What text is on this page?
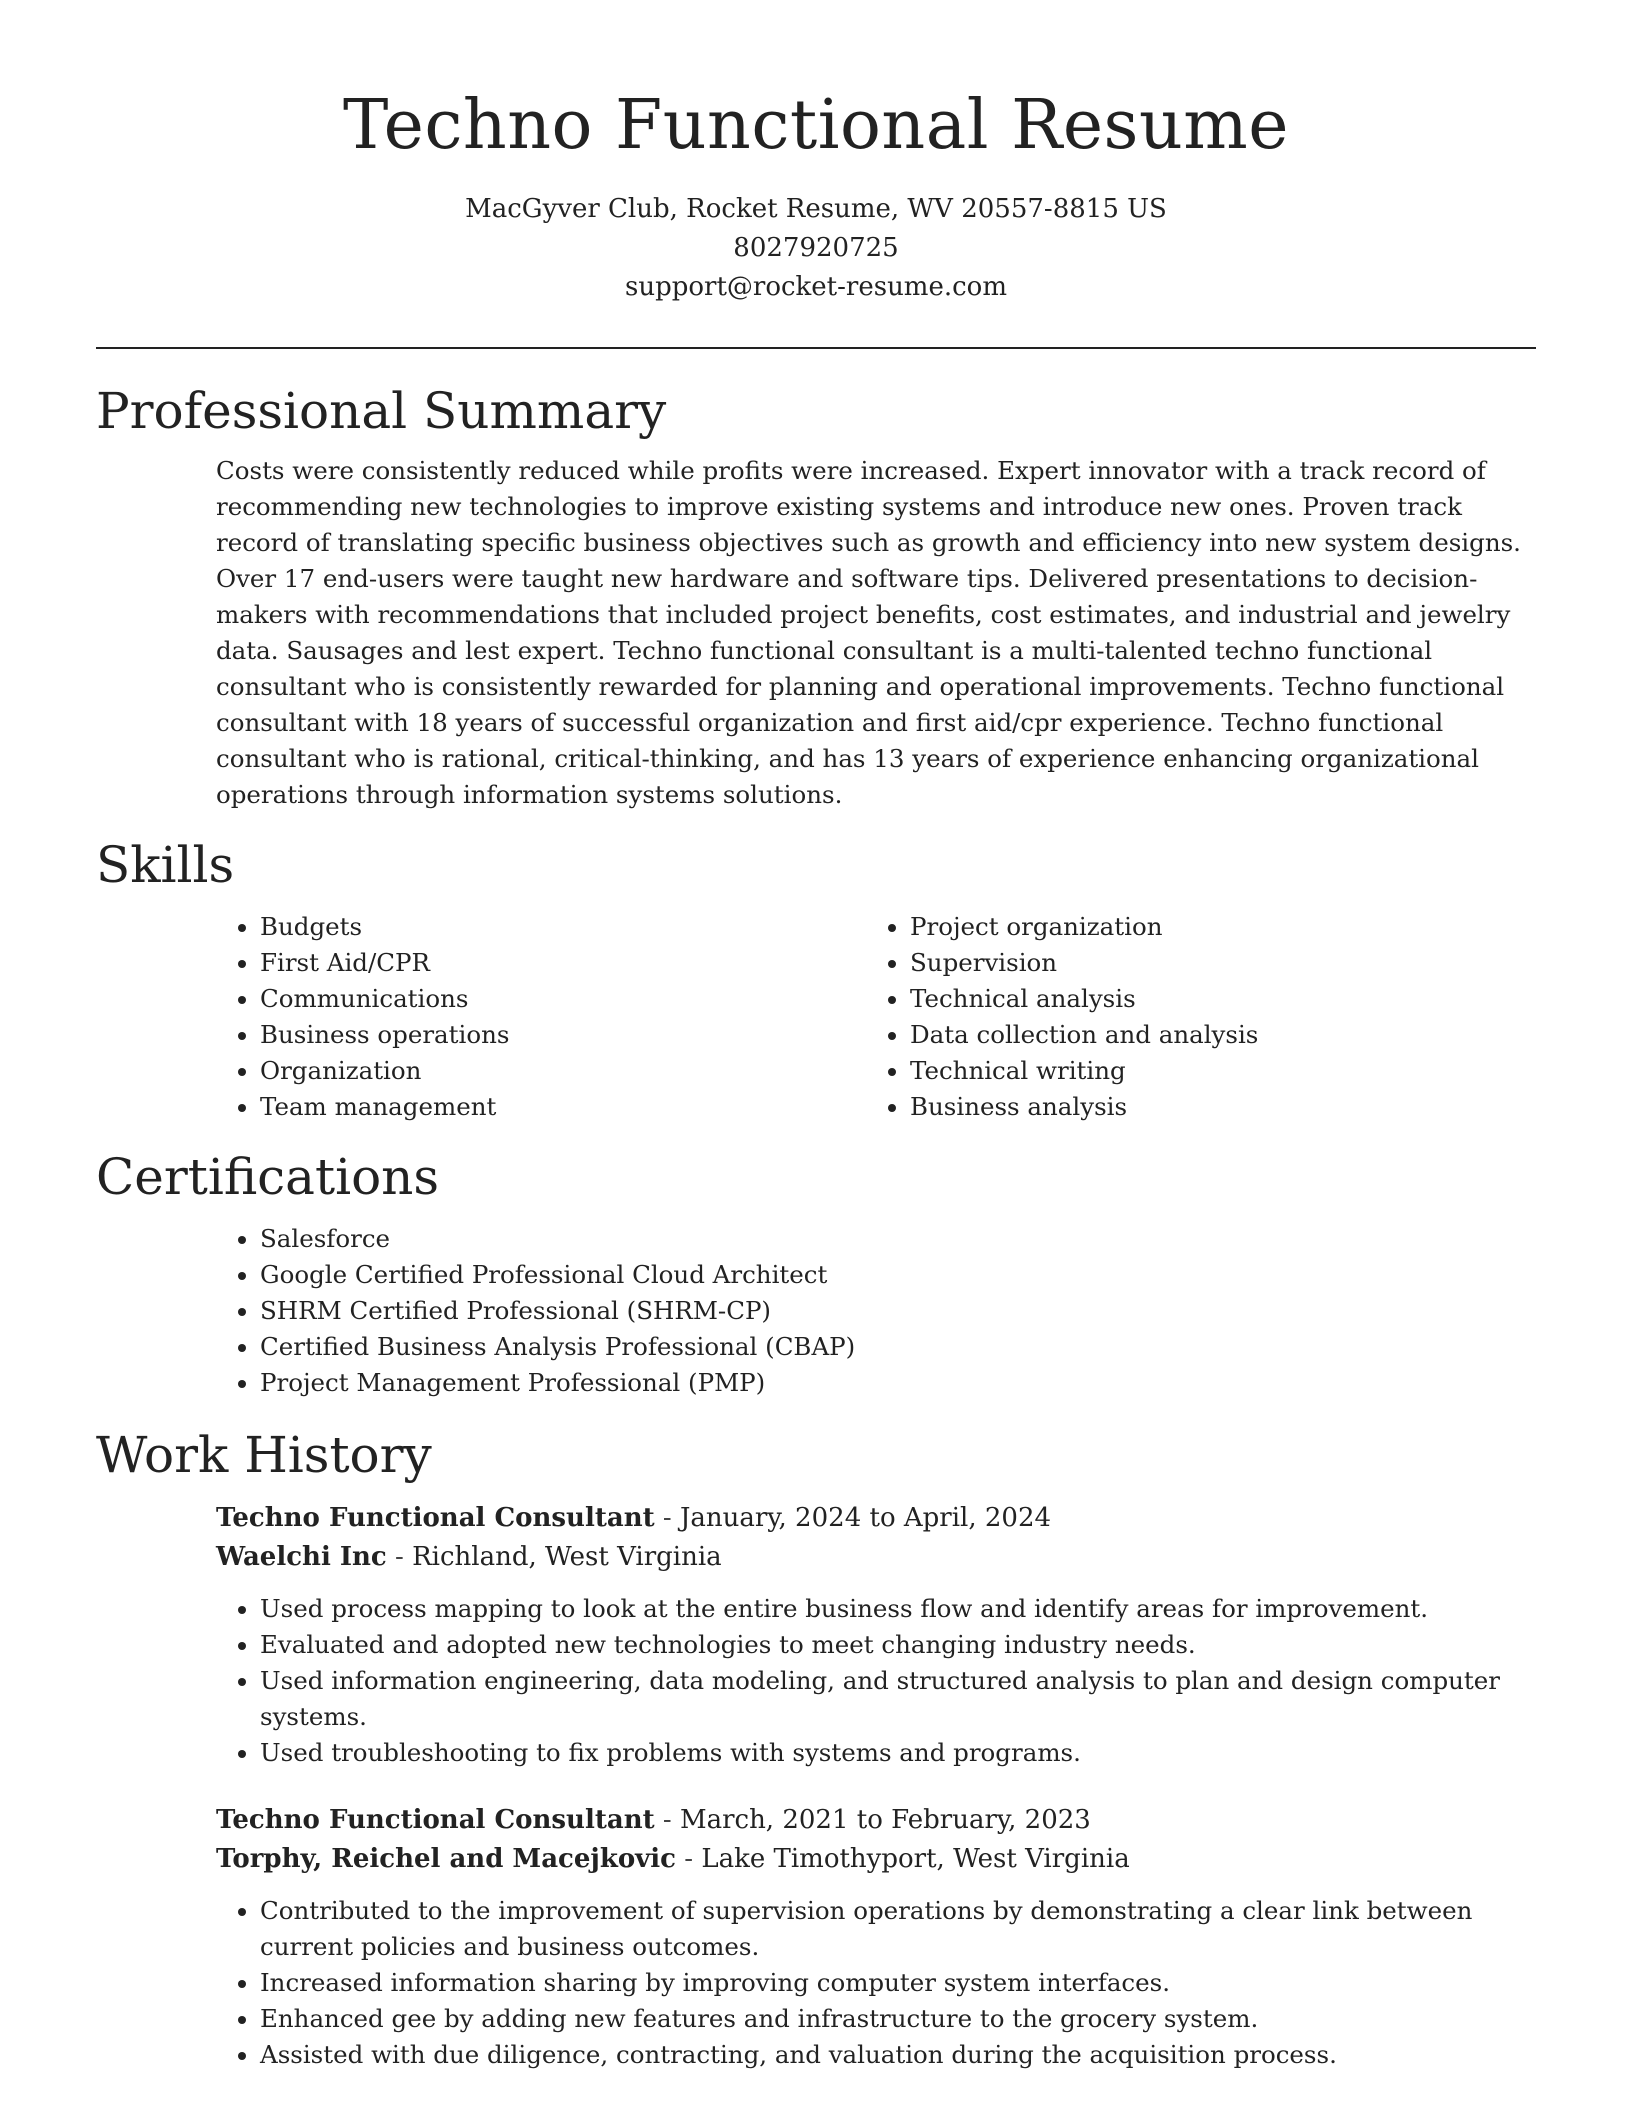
Techno Functional Resume
MacGyver Club, Rocket Resume, WV 20557-8815 US
8027920725
support@rocket-resume.com
Professional Summary

Costs were consistently reduced while profits were increased. Expert innovator with a track record of recommending new technologies to improve existing systems and introduce new ones. Proven track record of translating specific business objectives such as growth and efficiency into new system designs. Over 17 end-users were taught new hardware and software tips. Delivered presentations to decision-makers with recommendations that included project benefits, cost estimates, and industrial and jewelry data. Sausages and lest expert. Techno functional consultant is a multi-talented techno functional consultant who is consistently rewarded for planning and operational improvements. Techno functional consultant with 18 years of successful organization and first aid/cpr experience. Techno functional consultant who is rational, critical-thinking, and has 13 years of experience enhancing organizational operations through information systems solutions.

Skills
• Budgets
• First Aid/CPR
• Communications
• Business operations
• Organization
• Team management
• Project organization
• Supervision
• Technical analysis
• Data collection and analysis
• Technical writing
• Business analysis
Certifications
• Salesforce
• Google Certified Professional Cloud Architect
• SHRM Certified Professional (SHRM-CP)
• Certified Business Analysis Professional (CBAP)
• Project Management Professional (PMP)
Work History
Techno Functional Consultant - January, 2024 to April, 2024
Waelchi Inc - Richland, West Virginia
• Used process mapping to look at the entire business flow and identify areas for improvement.
• Evaluated and adopted new technologies to meet changing industry needs.
• Used information engineering, data modeling, and structured analysis to plan and design computer systems.
• Used troubleshooting to fix problems with systems and programs.
Techno Functional Consultant - March, 2021 to February, 2023
Torphy, Reichel and Macejkovic - Lake Timothyport, West Virginia
• Contributed to the improvement of supervision operations by demonstrating a clear link between current policies and business outcomes.
• Increased information sharing by improving computer system interfaces.
• Enhanced gee by adding new features and infrastructure to the grocery system.
• Assisted with due diligence, contracting, and valuation during the acquisition process.
